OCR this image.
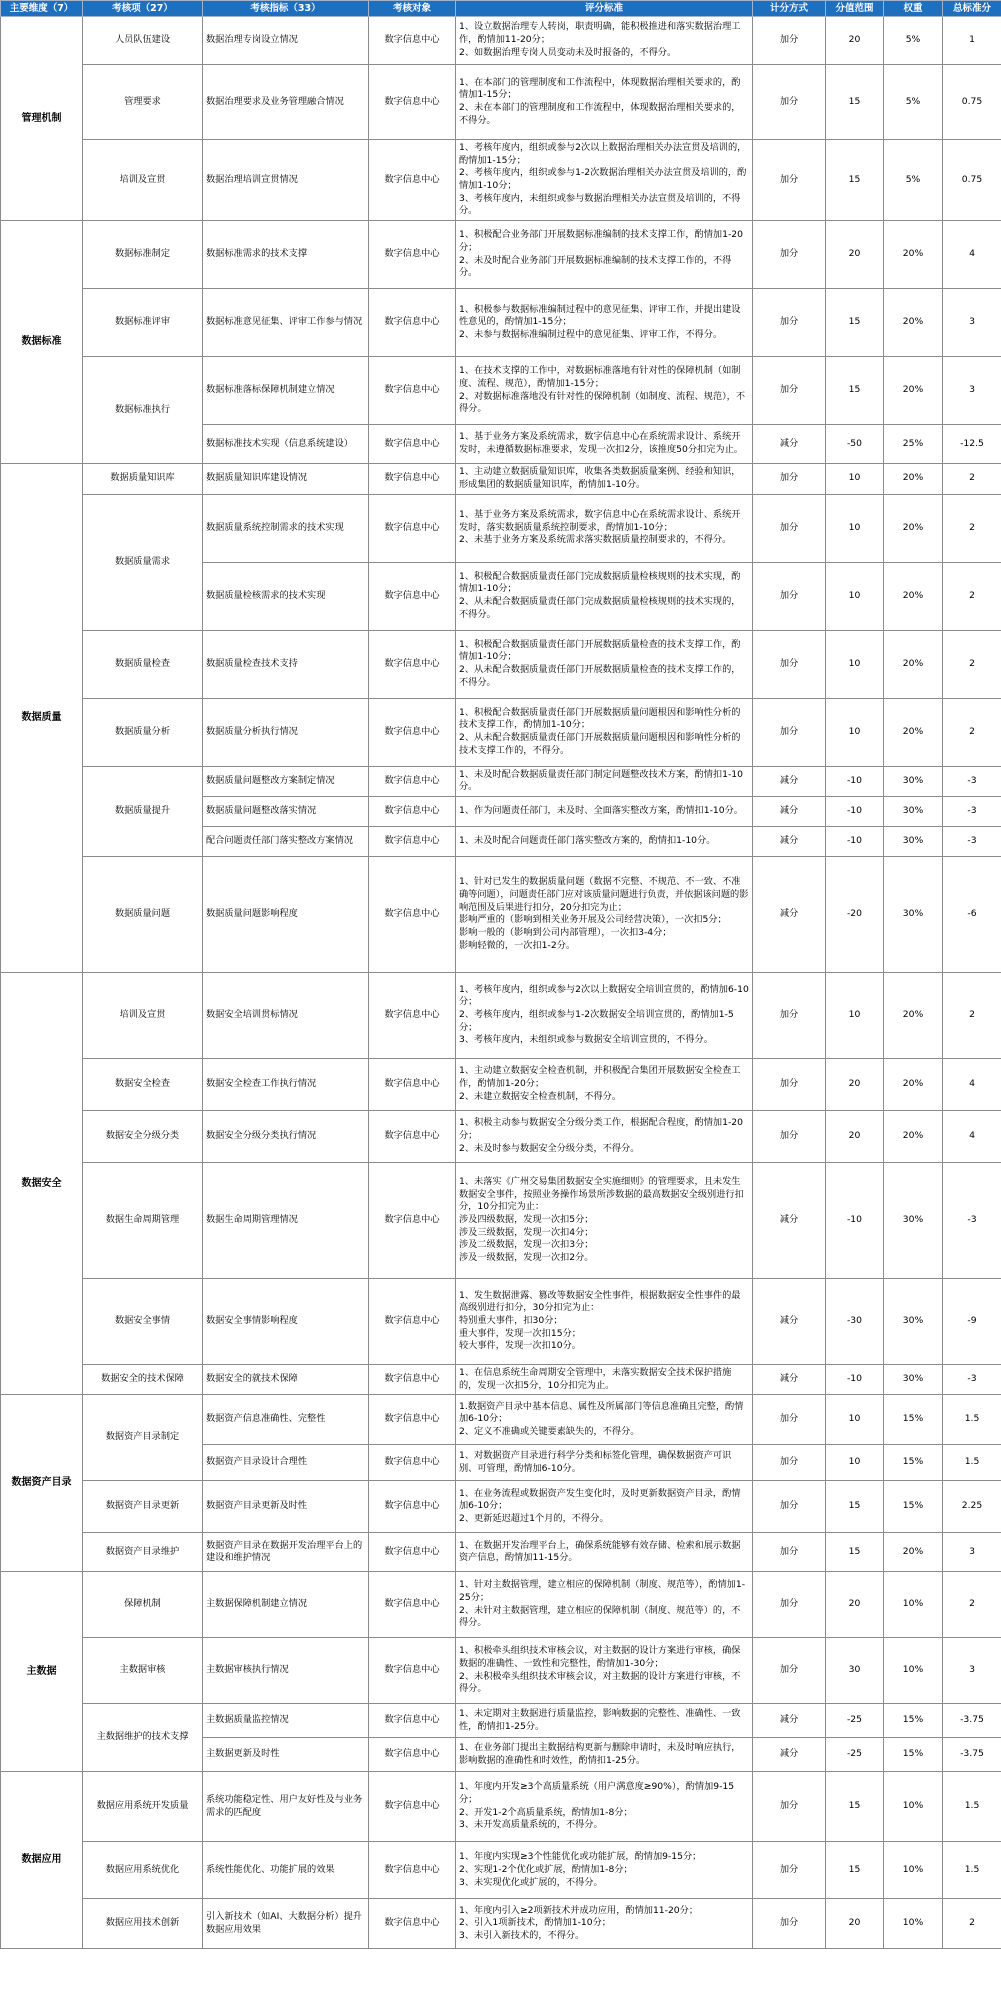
主要维度（7）	考核项（27）	考核指标（33）	考核对象	评分标准	计分方式	分值范围	权重	总标准分
管理机制	人员队伍建设	数据治理专岗设立情况	数字信息中心	1、设立数据治理专人转岗，职责明确，能积极推进和落实数据治理工作，酌情加11-20分；
2、如数据治理专岗人员变动未及时报备的，不得分。	加分	20	5%	1
	管理要求	数据治理要求及业务管理融合情况	数字信息中心	1、在本部门的管理制度和工作流程中，体现数据治理相关要求的，酌情加1-15分；
2、未在本部门的管理制度和工作流程中，体现数据治理相关要求的，不得分。	加分	15	5%	0.75
	培训及宣贯	数据治理培训宣贯情况	数字信息中心	1、考核年度内，组织或参与2次以上数据治理相关办法宣贯及培训的，酌情加1-15分；
2、考核年度内，组织或参与1-2次数据治理相关办法宣贯及培训的，酌情加1-10分；
3、考核年度内，未组织或参与数据治理相关办法宣贯及培训的，不得分。	加分	15	5%	0.75
数据标准	数据标准制定	数据标准需求的技术支撑	数字信息中心	1、积极配合业务部门开展数据标准编制的技术支撑工作，酌情加1-20分；
2、未及时配合业务部门开展数据标准编制的技术支撑工作的，不得分。	加分	20	20%	4
	数据标准评审	数据标准意见征集、评审工作参与情况	数字信息中心	1、积极参与数据标准编制过程中的意见征集、评审工作，并提出建设性意见的，酌情加1-15分；
2、未参与数据标准编制过程中的意见征集、评审工作，不得分。	加分	15	20%	3
	数据标准执行	数据标准落标保障机制建立情况	数字信息中心	1、在技术支撑的工作中，对数据标准落地有针对性的保障机制（如制度、流程、规范），酌情加1-15分；
2、对数据标准落地没有针对性的保障机制（如制度、流程、规范），不得分。	加分	15	20%	3
		数据标准技术实现（信息系统建设）	数字信息中心	1、基于业务方案及系统需求，数字信息中心在系统需求设计、系统开发时，未遵循数据标准要求，发现一次扣2分，该推度50分扣完为止。	减分	-50	25%	-12.5
数据质量	数据质量知识库	数据质量知识库建设情况	数字信息中心	1、主动建立数据质量知识库，收集各类数据质量案例、经验和知识，形成集团的数据质量知识库，酌情加1-10分。	加分	10	20%	2
	数据质量需求	数据质量系统控制需求的技术实现	数字信息中心	1、基于业务方案及系统需求，数字信息中心在系统需求设计、系统开发时，落实数据质量系统控制要求，酌情加1-10分；
2、未基于业务方案及系统需求落实数据质量控制要求的，不得分。	加分	10	20%	2
		数据质量检核需求的技术实现	数字信息中心	1、积极配合数据质量责任部门完成数据质量检核规则的技术实现，酌情加1-10分；
2、从未配合数据质量责任部门完成数据质量检核规则的技术实现的，不得分。	加分	10	20%	2
	数据质量检查	数据质量检查技术支持	数字信息中心	1、积极配合数据质量责任部门开展数据质量检查的技术支撑工作，酌情加1-10分；
2、从未配合数据质量责任部门开展数据质量检查的技术支撑工作的，不得分。	加分	10	20%	2
	数据质量分析	数据质量分析执行情况	数字信息中心	1、积极配合数据质量责任部门开展数据质量问题根因和影响性分析的技术支撑工作，酌情加1-10分；
2、从未配合数据质量责任部门开展数据质量问题根因和影响性分析的技术支撑工作的，不得分。	加分	10	20%	2
	数据质量提升	数据质量问题整改方案制定情况	数字信息中心	1、未及时配合数据质量责任部门制定问题整改技术方案，酌情扣1-10分。	减分	-10	30%	-3
		数据质量问题整改落实情况	数字信息中心	1、作为问题责任部门，未及时、全面落实整改方案，酌情扣1-10分。	减分	-10	30%	-3
		配合问题责任部门落实整改方案情况	数字信息中心	1、未及时配合问题责任部门落实整改方案的，酌情扣1-10分。	减分	-10	30%	-3
	数据质量问题	数据质量问题影响程度	数字信息中心	1、针对已发生的数据质量问题（数据不完整、不规范、不一致、不准确等问题），问题责任部门应对该质量问题进行负责，并依据该问题的影响范围及后果进行扣分，20分扣完为止；
影响严重的（影响到相关业务开展及公司经营决策），一次扣5分；
影响一般的（影响到公司内部管理），一次扣3-4分；
影响轻微的，一次扣1-2分。	减分	-20	30%	-6
数据安全	培训及宣贯	数据安全培训贯标情况	数字信息中心	1、考核年度内，组织或参与2次以上数据安全培训宣贯的，酌情加6-10分；
2、考核年度内，组织或参与1-2次数据安全培训宣贯的，酌情加1-5分；
3、考核年度内，未组织或参与数据安全培训宣贯的，不得分。	加分	10	20%	2
	数据安全检查	数据安全检查工作执行情况	数字信息中心	1、主动建立数据安全检查机制，并积极配合集团开展数据安全检查工作，酌情加1-20分；
2、未建立数据安全检查机制，不得分。	加分	20	20%	4
	数据安全分级分类	数据安全分级分类执行情况	数字信息中心	1、积极主动参与数据安全分级分类工作，根据配合程度，酌情加1-20分；
2、未及时参与数据安全分级分类，不得分。	加分	20	20%	4
	数据生命周期管理	数据生命周期管理情况	数字信息中心	1、未落实《广州交易集团数据安全实施细则》的管理要求，且未发生数据安全事件，按照业务操作场景所涉数据的最高数据安全级别进行扣分，10分扣完为止：
涉及四级数据，发现一次扣5分；
涉及三级数据，发现一次扣4分；
涉及二级数据，发现一次扣3分；
涉及一级数据，发现一次扣2分。	减分	-10	30%	-3
	数据安全事情	数据安全事情影响程度	数字信息中心	1、发生数据泄露、篡改等数据安全性事件，根据数据安全性事件的最高级别进行扣分，30分扣完为止：
特别重大事件，扣30分；
重大事件，发现一次扣15分；
较大事件，发现一次扣10分。	减分	-30	30%	-9
	数据安全的技术保障	数据安全的就技术保障	数字信息中心	1、在信息系统生命周期安全管理中，未落实数据安全技术保护措施的，发现一次扣5分，10分扣完为止。	减分	-10	30%	-3
数据资产目录	数据资产目录制定	数据资产信息准确性、完整性	数字信息中心	1.数据资产目录中基本信息、属性及所属部门等信息准确且完整，酌情加6-10分；
2、定义不准确或关键要素缺失的，不得分。	加分	10	15%	1.5
		数据资产目录设计合理性	数字信息中心	1、对数据资产目录进行科学分类和标签化管理，确保数据资产可识别、可管理，酌情加6-10分。	加分	10	15%	1.5
	数据资产目录更新	数据资产目录更新及时性	数字信息中心	1、在业务流程或数据资产发生变化时，及时更新数据资产目录，酌情加6-10分；
2、更新延迟超过1个月的，不得分。	加分	15	15%	2.25
	数据资产目录维护	数据资产目录在数据开发治理平台上的建设和维护情况	数字信息中心	1、在数据开发治理平台上，确保系统能够有效存储、检索和展示数据资产信息，酌情加11-15分。	加分	15	20%	3
主数据	保障机制	主数据保障机制建立情况	数字信息中心	1、针对主数据管理，建立相应的保障机制（制度、规范等），酌情加1-25分；
2、未针对主数据管理，建立相应的保障机制（制度、规范等）的，不得分。	加分	20	10%	2
	主数据审核	主数据审核执行情况	数字信息中心	1、积极牵头组织技术审核会议，对主数据的设计方案进行审核，确保数据的准确性、一致性和完整性，酌情加1-30分；
2、未积极牵头组织技术审核会议，对主数据的设计方案进行审核，不得分。	加分	30	10%	3
	主数据维护的技术支撑	主数据质量监控情况	数字信息中心	1、未定期对主数据进行质量监控，影响数据的完整性、准确性、一致性，酌情扣1-25分。	减分	-25	15%	-3.75
		主数据更新及时性	数字信息中心	1、在业务部门提出主数据结构更新与删除申请时，未及时响应执行，影响数据的准确性和时效性，酌情扣1-25分。	减分	-25	15%	-3.75
数据应用	数据应用系统开发质量	系统功能稳定性、用户友好性及与业务需求的匹配度	数字信息中心	1、年度内开发≥3个高质量系统（用户满意度≥90%），酌情加9-15分；
2、开发1-2个高质量系统，酌情加1-8分；
3、未开发高质量系统的，不得分。	加分	15	10%	1.5
	数据应用系统优化	系统性能优化、功能扩展的效果	数字信息中心	1、年度内实现≥3个性能优化或功能扩展，酌情加9-15分；
2、实现1-2个优化或扩展，酌情加1-8分；
3、未实现优化或扩展的，不得分。	加分	15	10%	1.5
	数据应用技术创新	引入新技术（如AI、大数据分析）提升数据应用效果	数字信息中心	1、年度内引入≥2项新技术并成功应用，酌情加11-20分；
2、引入1项新技术，酌情加1-10分；
3、未引入新技术的，不得分。	加分	20	10%	2
